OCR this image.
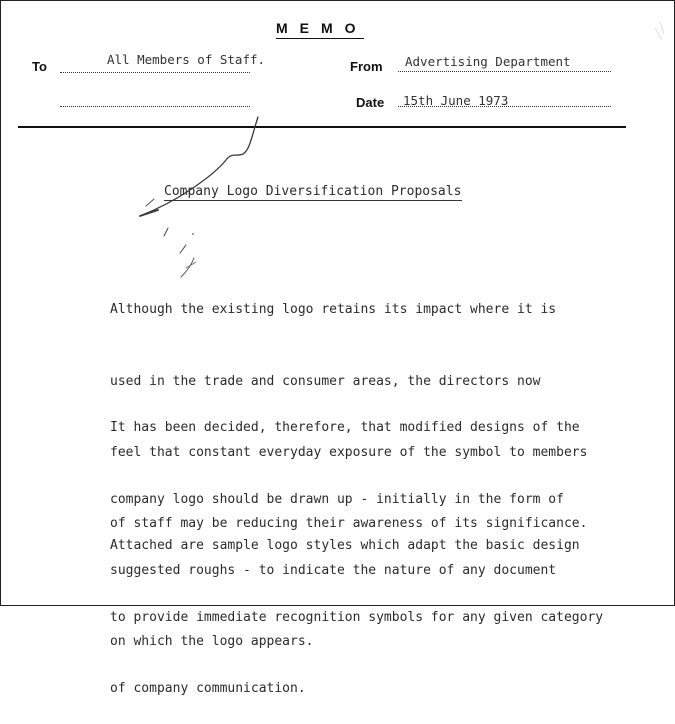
MEMO
To	All Members of Staff.	From Advertising Department
Date 15th June 1973
Company Logo Diversification Proposals

Although the existing logo retains its impact where it is

used in the trade and consumer areas, the directors now

feel that constant everyday exposure of the symbol to members

of staff may be reducing their awareness of its significance.

It has been decided, therefore, that modified designs of the

company logo should be drawn up - initially in the form of

suggested roughs - to indicate the nature of any document

on which the logo appears.

Attached are sample logo styles which adapt the basic design

to provide immediate recognition symbols for any given category

of company communication.
